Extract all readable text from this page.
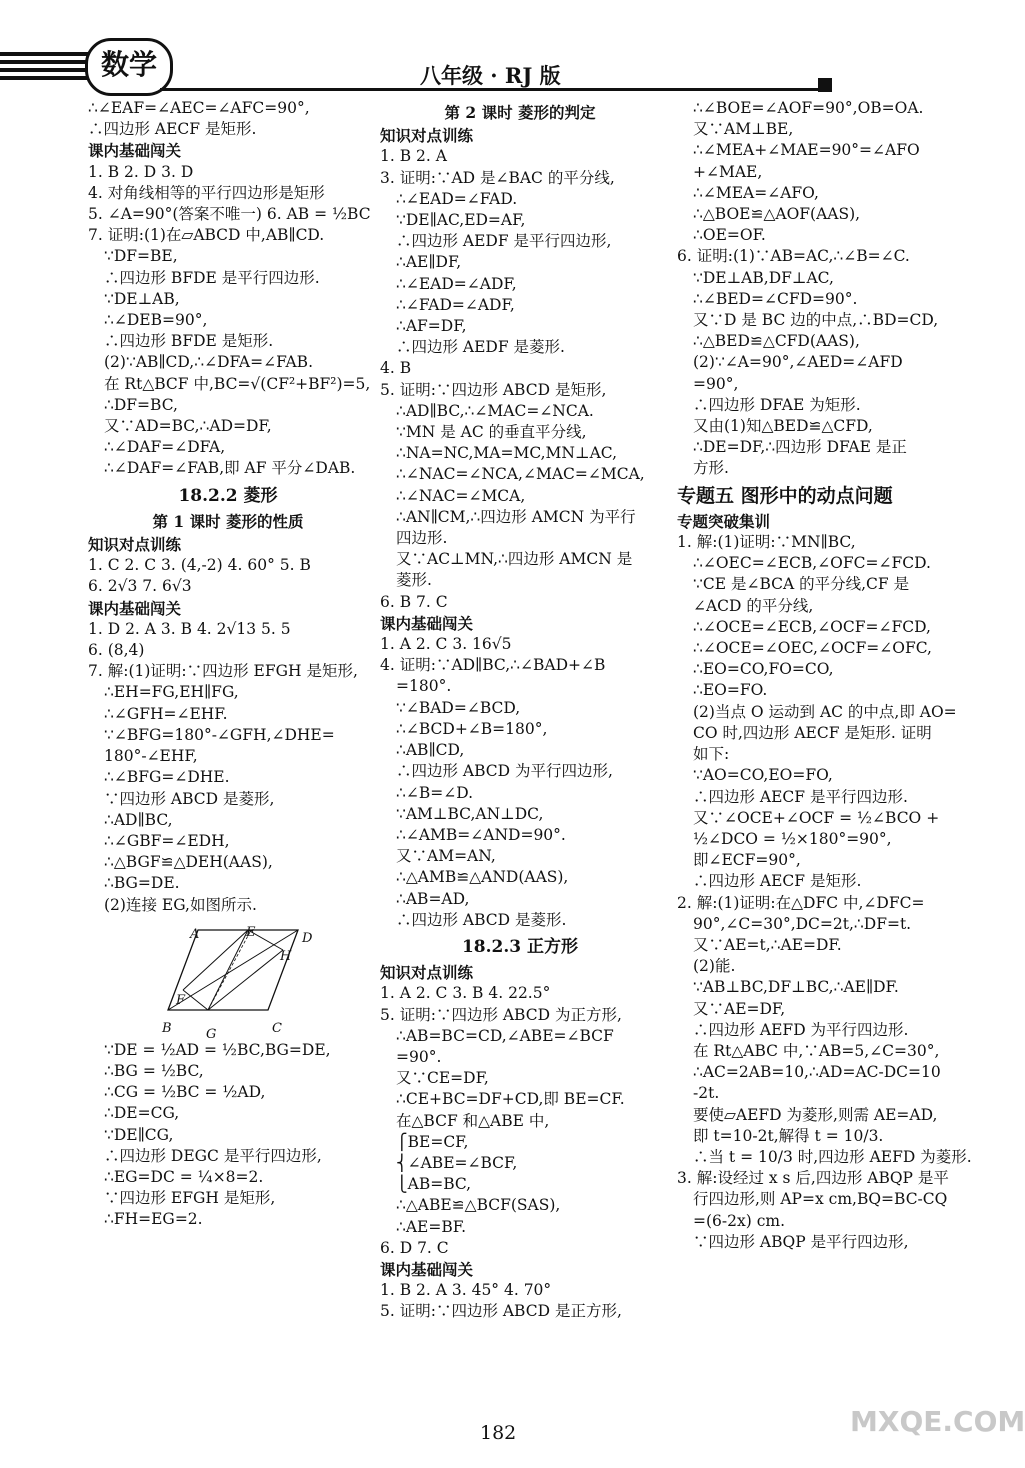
数学	八年级 · RJ 版

∴∠EAF=∠AEC=∠AFC=90°,

∴四边形 AECF 是矩形.

课内基础闯关

1. B 2. D 3. D

4. 对角线相等的平行四边形是矩形

5. ∠A=90°(答案不唯一) 6. AB = ½BC

7. 证明:(1)在▱ABCD 中,AB∥CD.

∵DF=BE,

∴四边形 BFDE 是平行四边形.

∵DE⊥AB,

∴∠DEB=90°,

∴四边形 BFDE 是矩形.

(2)∵AB∥CD,∴∠DFA=∠FAB.

在 Rt△BCF 中,BC=√(CF²+BF²)=5,

∴DF=BC,

又∵AD=BC,∴AD=DF,

∴∠DAF=∠DFA,

∴∠DAF=∠FAB,即 AF 平分∠DAB.

18.2.2 菱形

第 1 课时 菱形的性质

知识对点训练

1. C 2. C 3. (4,-2) 4. 60° 5. B

6. 2√3 7. 6√3

课内基础闯关

1. D 2. A 3. B 4. 2√13 5. 5

6. (8,4)

7. 解:(1)证明:∵四边形 EFGH 是矩形,

∴EH=FG,EH∥FG,

∴∠GFH=∠EHF.

∵∠BFG=180°-∠GFH,∠DHE=

180°-∠EHF,

∴∠BFG=∠DHE.

∵四边形 ABCD 是菱形,

∴AD∥BC,

∴∠GBF=∠EDH,

∴△BGF≌△DEH(AAS),

∴BG=DE.

(2)连接 EG,如图所示.

A	E	D
H
F
B	G	C

∵DE = ½AD = ½BC,BG=DE,

∴BG = ½BC,

∴CG = ½BC = ½AD,

∴DE=CG,

∵DE∥CG,

∴四边形 DEGC 是平行四边形,

∴EG=DC = ¼×8=2.

∵四边形 EFGH 是矩形,

∴FH=EG=2.

第 2 课时 菱形的判定

知识对点训练

1. B 2. A

3. 证明:∵AD 是∠BAC 的平分线,

∴∠EAD=∠FAD.

∵DE∥AC,ED=AF,

∴四边形 AEDF 是平行四边形,

∴AE∥DF,

∴∠EAD=∠ADF,

∴∠FAD=∠ADF,

∴AF=DF,

∴四边形 AEDF 是菱形.

4. B

5. 证明:∵四边形 ABCD 是矩形,

∴AD∥BC,∴∠MAC=∠NCA.

∵MN 是 AC 的垂直平分线,

∴NA=NC,MA=MC,MN⊥AC,

∴∠NAC=∠NCA,∠MAC=∠MCA,

∴∠NAC=∠MCA,

∴AN∥CM,∴四边形 AMCN 为平行

四边形.

又∵AC⊥MN,∴四边形 AMCN 是

菱形.

6. B 7. C

课内基础闯关

1. A 2. C 3. 16√5

4. 证明:∵AD∥BC,∴∠BAD+∠B

=180°.

∵∠BAD=∠BCD,

∴∠BCD+∠B=180°,

∴AB∥CD,

∴四边形 ABCD 为平行四边形,

∴∠B=∠D.

∵AM⊥BC,AN⊥DC,

∴∠AMB=∠AND=90°.

又∵AM=AN,

∴△AMB≌△AND(AAS),

∴AB=AD,

∴四边形 ABCD 是菱形.

18.2.3 正方形

知识对点训练

1. A 2. C 3. B 4. 22.5°

5. 证明:∵四边形 ABCD 为正方形,

∴AB=BC=CD,∠ABE=∠BCF

=90°.

又∵CE=DF,

∴CE+BC=DF+CD,即 BE=CF.

在△BCF 和△ABE 中,

⎧BE=CF,

⎨∠ABE=∠BCF,

⎩AB=BC,

∴△ABE≌△BCF(SAS),

∴AE=BF.

6. D 7. C

课内基础闯关

1. B 2. A 3. 45° 4. 70°

5. 证明:∵四边形 ABCD 是正方形,

∴∠BOE=∠AOF=90°,OB=OA.

又∵AM⊥BE,

∴∠MEA+∠MAE=90°=∠AFO

+∠MAE,

∴∠MEA=∠AFO,

∴△BOE≌△AOF(AAS),

∴OE=OF.

6. 证明:(1)∵AB=AC,∴∠B=∠C.

∵DE⊥AB,DF⊥AC,

∴∠BED=∠CFD=90°.

又∵D 是 BC 边的中点,∴BD=CD,

∴△BED≌△CFD(AAS),

(2)∵∠A=90°,∠AED=∠AFD

=90°,

∴四边形 DFAE 为矩形.

又由(1)知△BED≌△CFD,

∴DE=DF,∴四边形 DFAE 是正

方形.

专题五 图形中的动点问题

专题突破集训

1. 解:(1)证明:∵MN∥BC,

∴∠OEC=∠ECB,∠OFC=∠FCD.

∵CE 是∠BCA 的平分线,CF 是

∠ACD 的平分线,

∴∠OCE=∠ECB,∠OCF=∠FCD,

∴∠OCE=∠OEC,∠OCF=∠OFC,

∴EO=CO,FO=CO,

∴EO=FO.

(2)当点 O 运动到 AC 的中点,即 AO=

CO 时,四边形 AECF 是矩形. 证明

如下:

∵AO=CO,EO=FO,

∴四边形 AECF 是平行四边形.

又∵∠OCE+∠OCF = ½∠BCO +

½∠DCO = ½×180°=90°,

即∠ECF=90°,

∴四边形 AECF 是矩形.

2. 解:(1)证明:在△DFC 中,∠DFC=

90°,∠C=30°,DC=2t,∴DF=t.

又∵AE=t,∴AE=DF.

(2)能.

∵AB⊥BC,DF⊥BC,∴AE∥DF.

又∵AE=DF,

∴四边形 AEFD 为平行四边形.

在 Rt△ABC 中,∵AB=5,∠C=30°,

∴AC=2AB=10,∴AD=AC-DC=10

-2t.

要使▱AEFD 为菱形,则需 AE=AD,

即 t=10-2t,解得 t = 10/3.

∴当 t = 10/3 时,四边形 AEFD 为菱形.

3. 解:设经过 x s 后,四边形 ABQP 是平

行四边形,则 AP=x cm,BQ=BC-CQ

=(6-2x) cm.

∵四边形 ABQP 是平行四边形,

182	MXQE.COM
